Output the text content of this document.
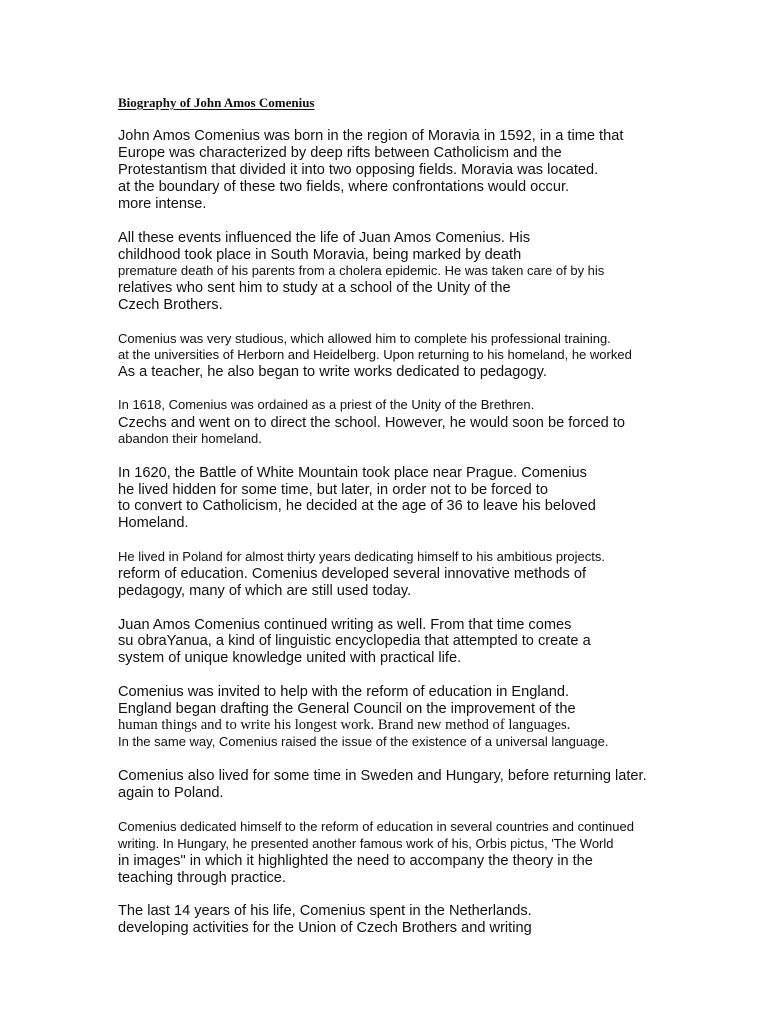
Biography of John Amos Comenius
John Amos Comenius was born in the region of Moravia in 1592, in a time that
Europe was characterized by deep rifts between Catholicism and the
Protestantism that divided it into two opposing fields. Moravia was located.
at the boundary of these two fields, where confrontations would occur.
more intense.
All these events influenced the life of Juan Amos Comenius. His
childhood took place in South Moravia, being marked by death
premature death of his parents from a cholera epidemic. He was taken care of by his
relatives who sent him to study at a school of the Unity of the
Czech Brothers.
Comenius was very studious, which allowed him to complete his professional training.
at the universities of Herborn and Heidelberg. Upon returning to his homeland, he worked
As a teacher, he also began to write works dedicated to pedagogy.
In 1618, Comenius was ordained as a priest of the Unity of the Brethren.
Czechs and went on to direct the school. However, he would soon be forced to
abandon their homeland.
In 1620, the Battle of White Mountain took place near Prague. Comenius
he lived hidden for some time, but later, in order not to be forced to
to convert to Catholicism, he decided at the age of 36 to leave his beloved
Homeland.
He lived in Poland for almost thirty years dedicating himself to his ambitious projects.
reform of education. Comenius developed several innovative methods of
pedagogy, many of which are still used today.
Juan Amos Comenius continued writing as well. From that time comes
su obraYanua, a kind of linguistic encyclopedia that attempted to create a
system of unique knowledge united with practical life.
Comenius was invited to help with the reform of education in England.
England began drafting the General Council on the improvement of the
human things and to write his longest work. Brand new method of languages.
In the same way, Comenius raised the issue of the existence of a universal language.
Comenius also lived for some time in Sweden and Hungary, before returning later.
again to Poland.
Comenius dedicated himself to the reform of education in several countries and continued
writing. In Hungary, he presented another famous work of his, Orbis pictus, 'The World
in images" in which it highlighted the need to accompany the theory in the
teaching through practice.
The last 14 years of his life, Comenius spent in the Netherlands.
developing activities for the Union of Czech Brothers and writing
